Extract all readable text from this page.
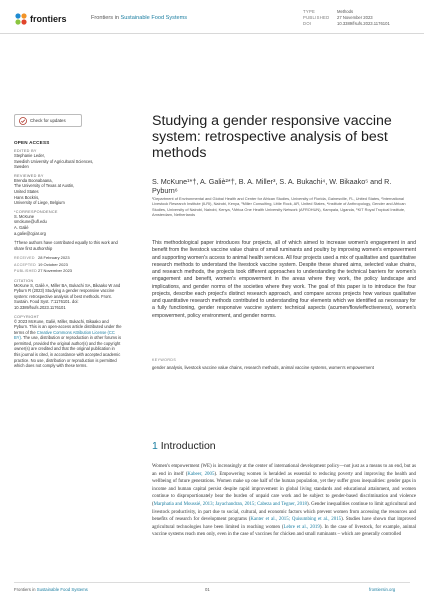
frontiers	Frontiers in Sustainable Food Systems
TYPE	Methods
PUBLISHED 27 November 2023
DOI	10.3389/fsufs.2023.1176101
Check for updates
OPEN ACCESS
EDITED BY
Stephanie Leder,
Swedish University of Agricultural Sciences,
Sweden
REVIEWED BY
Brenda Boonabaana,
The University of Texas at Austin,
United States
Hans Bockris,
University of Liege, Belgium
*CORRESPONDENCE
S. McKune
smckune@ufl.edu
A. Galiè
a.galie@cgiar.org
†These authors have contributed equally to this work and share first authorship
RECEIVED 28 February 2023
ACCEPTED 19 October 2023
PUBLISHED27 November 2023
CITATION
McKune S, Galiè A, Miller BA, Bukachi SA, Bikaako W and Pyburn R (2023) Studying a gender responsive vaccine system: retrospective analysis of best methods. Front. Sustain. Food Syst. 7:1176101. doi: 10.3389/fsufs.2023.1176101
COPYRIGHT
© 2023 McKune, Galiè, Miller, Bukachi, Bikaako and Pyburn. This is an open-access article distributed under the terms of the Creative Commons Attribution License (CC BY). The use, distribution or reproduction in other forums is permitted, provided the original author(s) and the copyright owner(s) are credited and that the original publication in this journal is cited, in accordance with accepted academic practice. No use, distribution or reproduction is permitted which does not comply with these terms.
Studying a gender responsive vaccine system: retrospective analysis of best methods
S. McKune¹*†, A. Galiè²*†, B. A. Miller³, S. A. Bukachi⁴, W. Bikaako⁵ and R. Pyburn⁶
¹Department of Environmental and Global Health and Center for African Studies, University of Florida, Gainesville, FL, United States, ²International Livestock Research Institute (ILRI), Nairobi, Kenya, ³Miller Consulting, Little Rock, AR, United States, ⁴Institute of Anthropology, Gender and African Studies, University of Nairobi, Nairobi, Kenya, ⁵Africa One Health University Network (AFROHUN), Kampala, Uganda, ⁶KIT Royal Tropical Institute, Amsterdam, Netherlands
This methodological paper introduces four projects, all of which aimed to increase women's engagement in and benefit from the livestock vaccine value chains of small ruminants and poultry by improving women's empowerment and supporting women's access to animal health services. All four projects used a mix of qualitative and quantitative research methods to understand the livestock vaccine system. Despite these shared aims, selected value chains, and research methods, the projects took different approaches to understanding the technical barriers for women's engagement and benefit, women's empowerment in the areas where they work, the policy landscape and implications, and gender norms of the societies where they work. The goal of this paper is to introduce the four projects, describe each project's distinct research approach, and compare across projects how various qualitative and quantitative research methods contributed to understanding four elements which we identified as necessary for a fully functioning, gender responsive vaccine system: technical aspects (acumen/flow/effectiveness), women's empowerment, policy environment, and gender norms.
KEYWORDS
gender analysis, livestock vaccine value chains, research methods, animal vaccine systems, women's empowerment
1 Introduction
Women's empowerment (WE) is increasingly at the center of international development policy—not just as a means to an end, but as an end in itself (Kabeer, 2005). Empowering women is heralded as essential to reducing poverty and improving the health and wellbeing of future generations. Women make up one half of the human population, yet they suffer gross inequalities: gender gaps in income and human capital persist despite rapid improvement in global living standards and educational attainment, and women continue to disproportionately bear the burden of unpaid care work and be subject to gender-based discrimination and violence (Marphatia and Moussié, 2013; Jayachandran, 2015; Cabeza and Tegner, 2018). Gender inequalities continue to limit agricultural and livestock productivity, in part due to social, cultural, and economic factors which prevent women from accessing the resources and benefits of research for development programs (Kanter et al., 2015; Quisumbing et al., 2015). Studies have shown that improved agricultural technologies have been limited in reaching women (Lebre et al., 2019). In the case of livestock, for example, animal vaccine systems reach men only, even in the case of vaccines for chicken and small ruminants – which are generally controlled
Frontiers in Sustainable Food Systems	01	frontiersin.org
